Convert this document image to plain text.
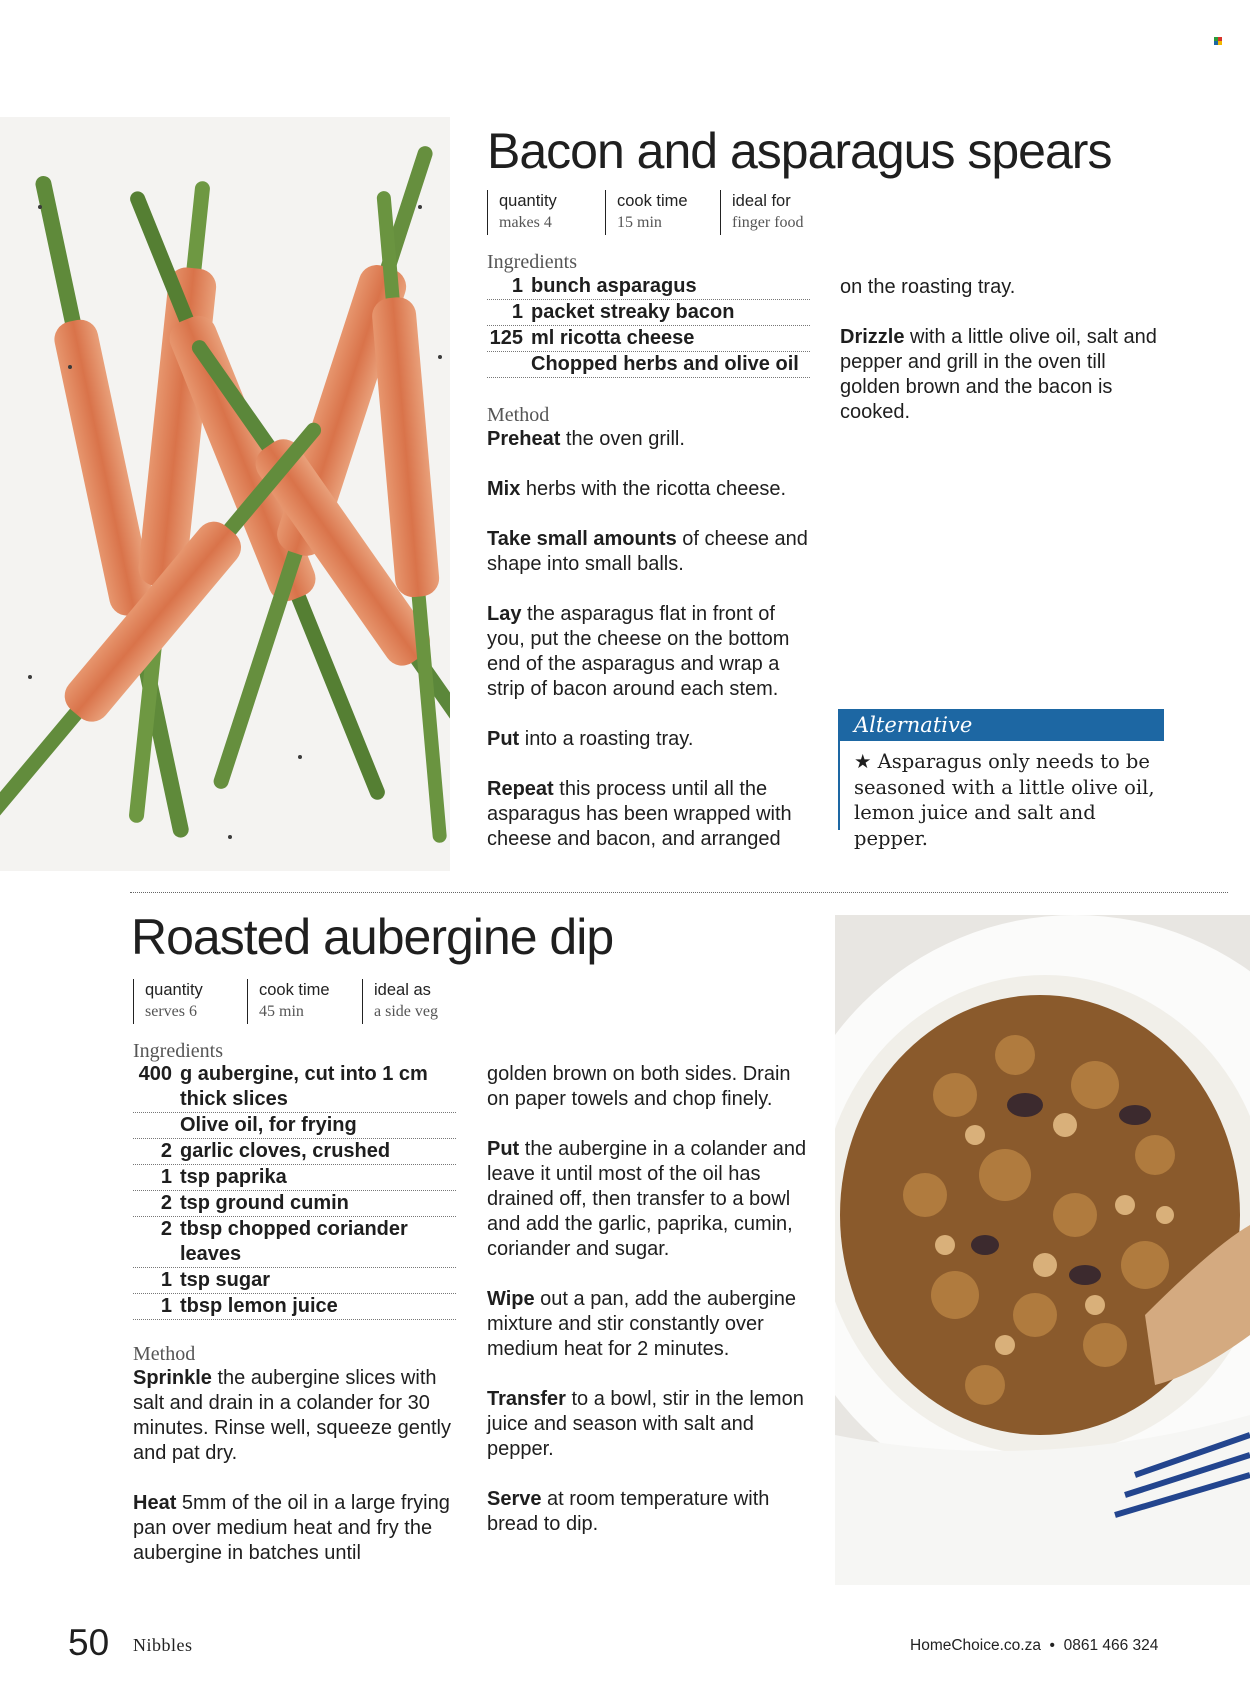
Bacon and asparagus spears
quantity
makes 4
cook time
15 min
ideal for
finger food
Ingredients
1 bunch asparagus
1 packet streaky bacon
125 ml ricotta cheese
Chopped herbs and olive oil
Method

Preheat the oven grill.

Mix herbs with the ricotta cheese.

Take small amounts of cheese and shape into small balls.

Lay the asparagus flat in front of you, put the cheese on the bottom end of the asparagus and wrap a strip of bacon around each stem.

Put into a roasting tray.

Repeat this process until all the asparagus has been wrapped with cheese and bacon, and arranged

on the roasting tray.

Drizzle with a little olive oil, salt and pepper and grill in the oven till golden brown and the bacon is cooked.

Alternative
★ Asparagus only needs to be seasoned with a little olive oil, lemon juice and salt and pepper.
Roasted aubergine dip
quantity
serves 6
cook time
45 min
ideal as
a side veg
Ingredients
400 g aubergine, cut into 1 cm thick slices
Olive oil, for frying
2 garlic cloves, crushed
1 tsp paprika
2 tsp ground cumin
2 tbsp chopped coriander leaves
1 tsp sugar
1 tbsp lemon juice
Method

Sprinkle the aubergine slices with salt and drain in a colander for 30 minutes. Rinse well, squeeze gently and pat dry.

Heat 5mm of the oil in a large frying pan over medium heat and fry the aubergine in batches until

golden brown on both sides. Drain on paper towels and chop finely.

Put the aubergine in a colander and leave it until most of the oil has drained off, then transfer to a bowl and add the garlic, paprika, cumin, coriander and sugar.

Wipe out a pan, add the aubergine mixture and stir constantly over medium heat for 2 minutes.

Transfer to a bowl, stir in the lemon juice and season with salt and pepper.

Serve at room temperature with bread to dip.

50 Nibbles	HomeChoice.co.za  •  0861 466 324
